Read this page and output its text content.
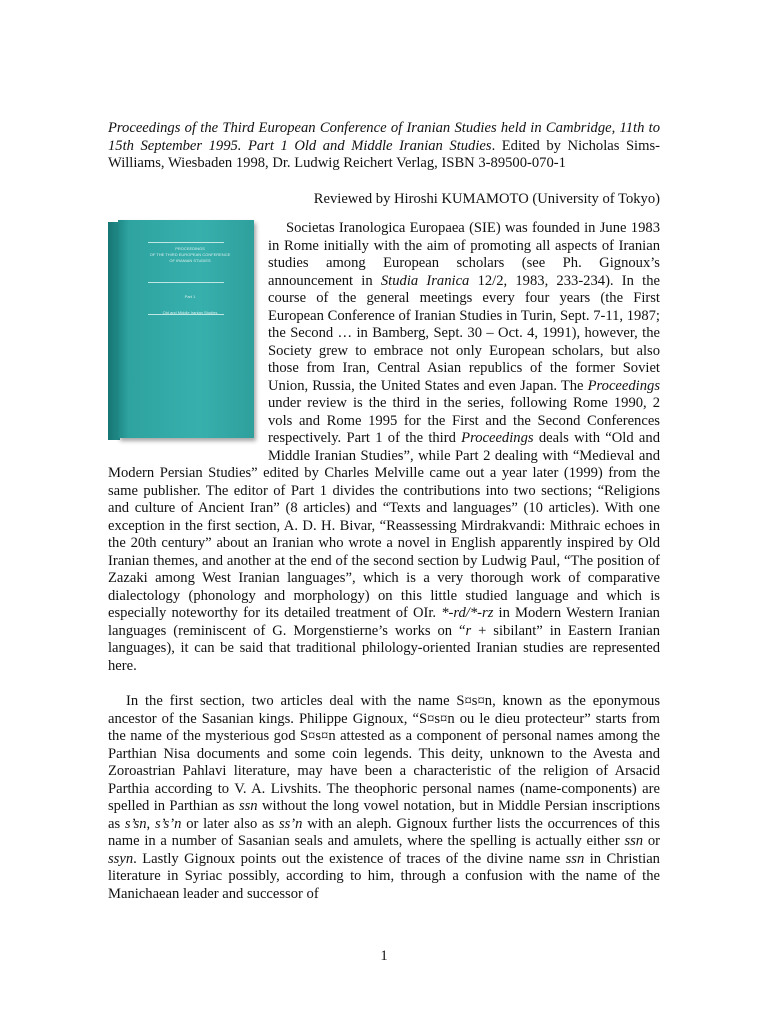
Proceedings of the Third European Conference of Iranian Studies held in Cambridge, 11th to 15th September 1995. Part 1 Old and Middle Iranian Studies. Edited by Nicholas Sims-Williams, Wiesbaden 1998, Dr. Ludwig Reichert Verlag, ISBN 3-89500-070-1

Reviewed by Hiroshi KUMAMOTO (University of Tokyo)

PROCEEDINGS
OF THE THIRD EUROPEAN CONFERENCE
OF IRANIAN STUDIES
Part 1
Old and Middle Iranian Studies

Societas Iranologica Europaea (SIE) was founded in June 1983 in Rome initially with the aim of promoting all aspects of Iranian studies among European scholars (see Ph. Gignoux’s announcement in Studia Iranica 12/2, 1983, 233-234). In the course of the general meetings every four years (the First European Conference of Iranian Studies in Turin, Sept. 7-11, 1987; the Second … in Bamberg, Sept. 30 – Oct. 4, 1991), however, the Society grew to embrace not only European scholars, but also those from Iran, Central Asian republics of the former Soviet Union, Russia, the United States and even Japan. The Proceedings under review is the third in the series, following Rome 1990, 2 vols and Rome 1995 for the First and the Second Conferences respectively. Part 1 of the third Proceedings deals with “Old and Middle Iranian Studies”, while Part 2 dealing with “Medieval and Modern Persian Studies” edited by Charles Melville came out a year later (1999) from the same publisher. The editor of Part 1 divides the contributions into two sections; “Religions and culture of Ancient Iran” (8 articles) and “Texts and languages” (10 articles). With one exception in the first section, A. D. H. Bivar, “Reassessing Mirdrakvandi: Mithraic echoes in the 20th century” about an Iranian who wrote a novel in English apparently inspired by Old Iranian themes, and another at the end of the second section by Ludwig Paul, “The position of Zazaki among West Iranian languages”, which is a very thorough work of comparative dialectology (phonology and morphology) on this little studied language and which is especially noteworthy for its detailed treatment of OIr. *-rd/*-rz in Modern Western Iranian languages (reminiscent of G. Morgenstierne’s works on “r + sibilant” in Eastern Iranian languages), it can be said that traditional philology-oriented Iranian studies are represented here.

In the first section, two articles deal with the name S¤s¤n, known as the eponymous ancestor of the Sasanian kings. Philippe Gignoux, “S¤s¤n ou le dieu protecteur” starts from the name of the mysterious god S¤s¤n attested as a component of personal names among the Parthian Nisa documents and some coin legends. This deity, unknown to the Avesta and Zoroastrian Pahlavi literature, may have been a characteristic of the religion of Arsacid Parthia according to V. A. Livshits. The theophoric personal names (name-components) are spelled in Parthian as ssn without the long vowel notation, but in Middle Persian inscriptions as s’sn, s’s’n or later also as ss’n with an aleph. Gignoux further lists the occurrences of this name in a number of Sasanian seals and amulets, where the spelling is actually either ssn or ssyn. Lastly Gignoux points out the existence of traces of the divine name ssn in Christian literature in Syriac possibly, according to him, through a confusion with the name of the Manichaean leader and successor of

1
